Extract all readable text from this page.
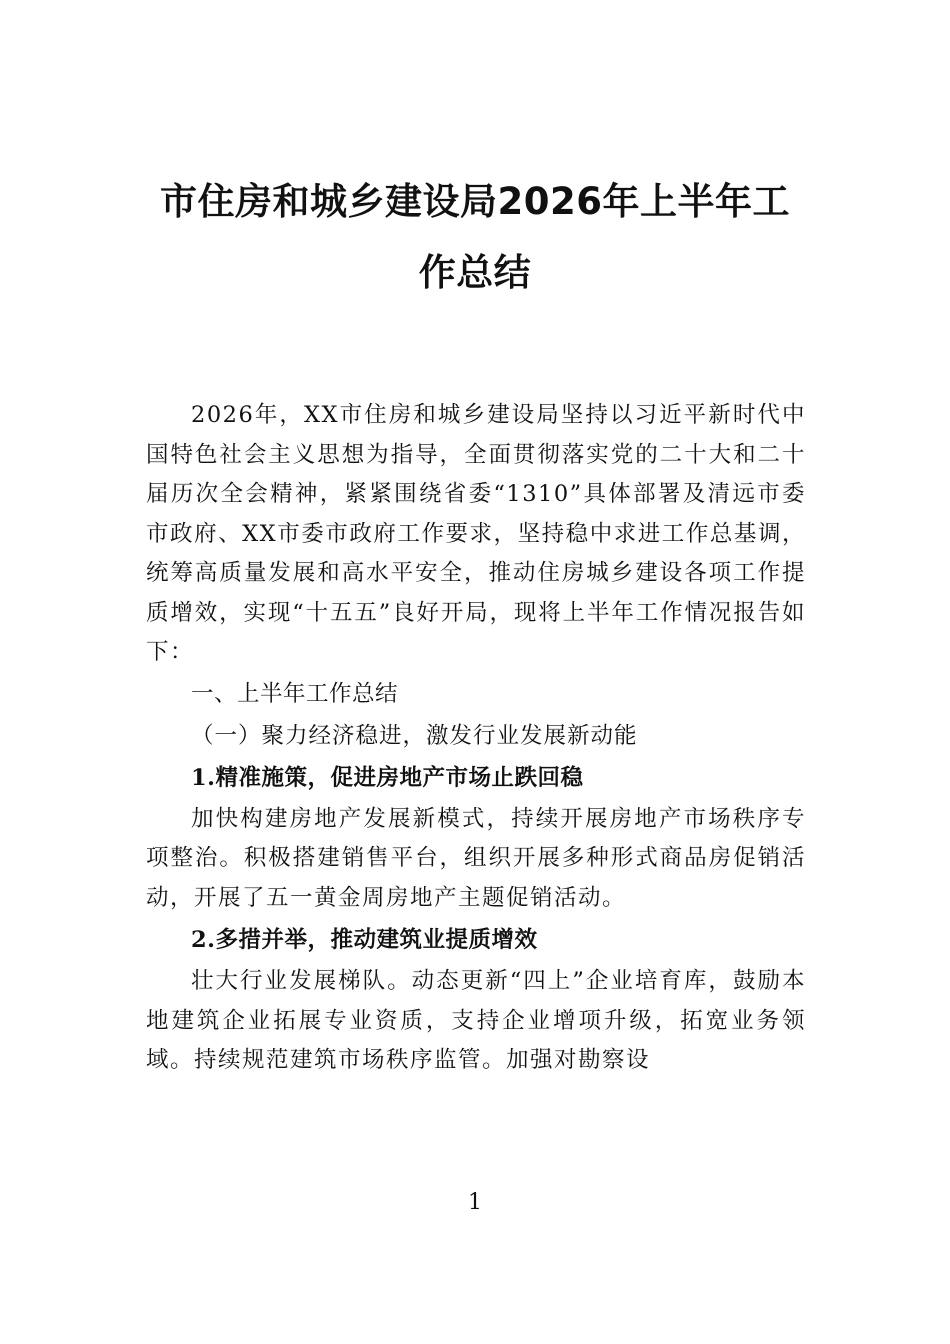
市住房和城乡建设局2026年上半年工作总结

2026年，XX市住房和城乡建设局坚持以习近平新时代中国特色社会主义思想为指导，全面贯彻落实党的二十大和二十届历次全会精神，紧紧围绕省委“1310”具体部署及清远市委市政府、XX市委市政府工作要求，坚持稳中求进工作总基调，统筹高质量发展和高水平安全，推动住房城乡建设各项工作提质增效，实现“十五五”良好开局，现将上半年工作情况报告如下：

一、上半年工作总结

（一）聚力经济稳进，激发行业发展新动能

1.精准施策，促进房地产市场止跌回稳

加快构建房地产发展新模式，持续开展房地产市场秩序专项整治。积极搭建销售平台，组织开展多种形式商品房促销活动，开展了五一黄金周房地产主题促销活动。

2.多措并举，推动建筑业提质增效

壮大行业发展梯队。动态更新“四上”企业培育库，鼓励本地建筑企业拓展专业资质，支持企业增项升级，拓宽业务领域。持续规范建筑市场秩序监管。加强对勘察设

1
